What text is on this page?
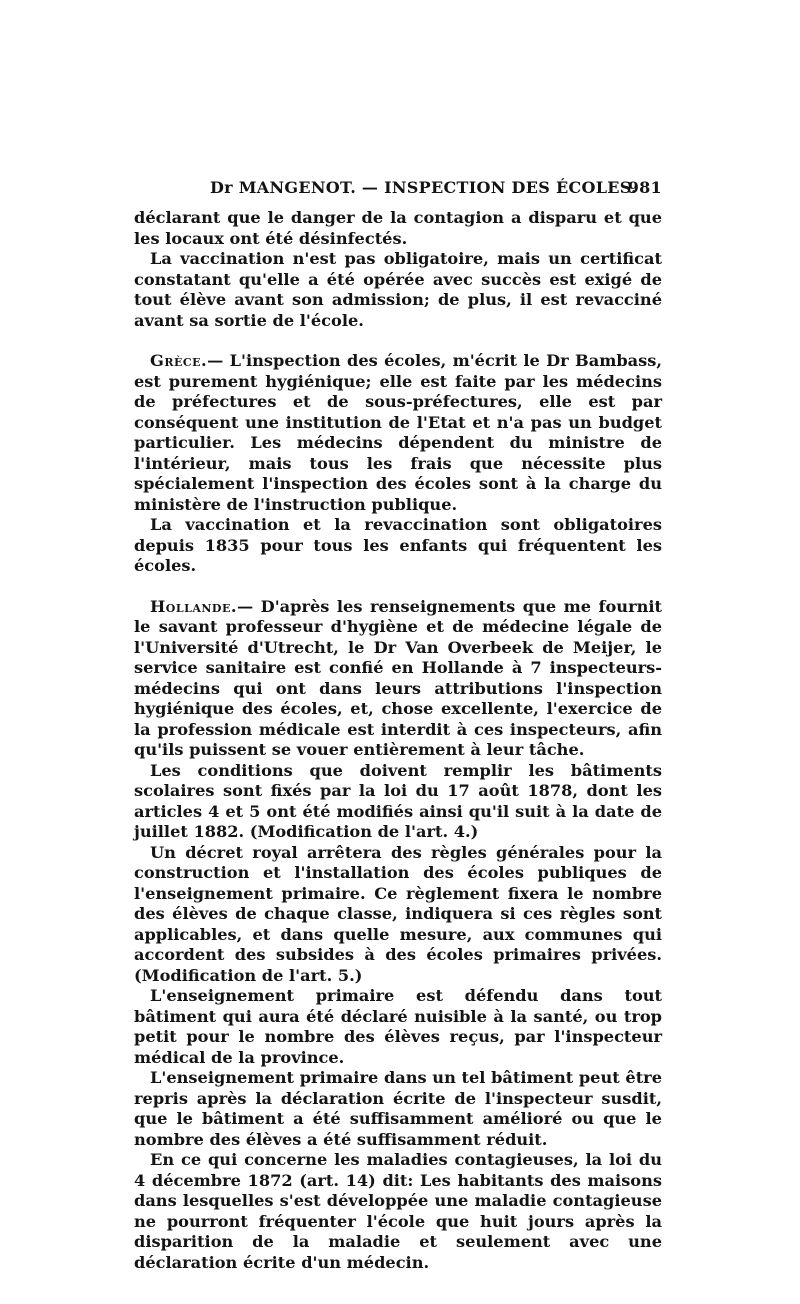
Dr MANGENOT. — INSPECTION DES ÉCOLES.
981

déclarant que le danger de la contagion a disparu et que les locaux ont été désinfectés.

La vaccination n'est pas obligatoire, mais un certificat constatant qu'elle a été opérée avec succès est exigé de tout élève avant son admission; de plus, il est revacciné avant sa sortie de l'école.

Grèce.— L'inspection des écoles, m'écrit le Dr Bambass, est purement hygiénique; elle est faite par les médecins de préfectures et de sous-préfectures, elle est par conséquent une institution de l'Etat et n'a pas un budget particulier. Les médecins dépendent du ministre de l'intérieur, mais tous les frais que nécessite plus spécialement l'inspection des écoles sont à la charge du ministère de l'instruction publique.

La vaccination et la revaccination sont obligatoires depuis 1835 pour tous les enfants qui fréquentent les écoles.

Hollande.— D'après les renseignements que me fournit le savant professeur d'hygiène et de médecine légale de l'Université d'Utrecht, le Dr Van Overbeek de Meijer, le service sanitaire est confié en Hollande à 7 inspecteurs-médecins qui ont dans leurs attributions l'inspection hygiénique des écoles, et, chose excellente, l'exercice de la profession médicale est interdit à ces inspecteurs, afin qu'ils puissent se vouer entièrement à leur tâche.

Les conditions que doivent remplir les bâtiments scolaires sont fixés par la loi du 17 août 1878, dont les articles 4 et 5 ont été modifiés ainsi qu'il suit à la date de juillet 1882. (Modification de l'art. 4.)

Un décret royal arrêtera des règles générales pour la construction et l'installation des écoles publiques de l'enseignement primaire. Ce règlement fixera le nombre des élèves de chaque classe, indiquera si ces règles sont applicables, et dans quelle mesure, aux communes qui accordent des subsides à des écoles primaires privées. (Modification de l'art. 5.)

L'enseignement primaire est défendu dans tout bâtiment qui aura été déclaré nuisible à la santé, ou trop petit pour le nombre des élèves reçus, par l'inspecteur médical de la province.

L'enseignement primaire dans un tel bâtiment peut être repris après la déclaration écrite de l'inspecteur susdit, que le bâtiment a été suffisamment amélioré ou que le nombre des élèves a été suffisamment réduit.

En ce qui concerne les maladies contagieuses, la loi du 4 décembre 1872 (art. 14) dit: Les habitants des maisons dans lesquelles s'est développée une maladie contagieuse ne pourront fréquenter l'école que huit jours après la disparition de la maladie et seulement avec une déclaration écrite d'un médecin.
